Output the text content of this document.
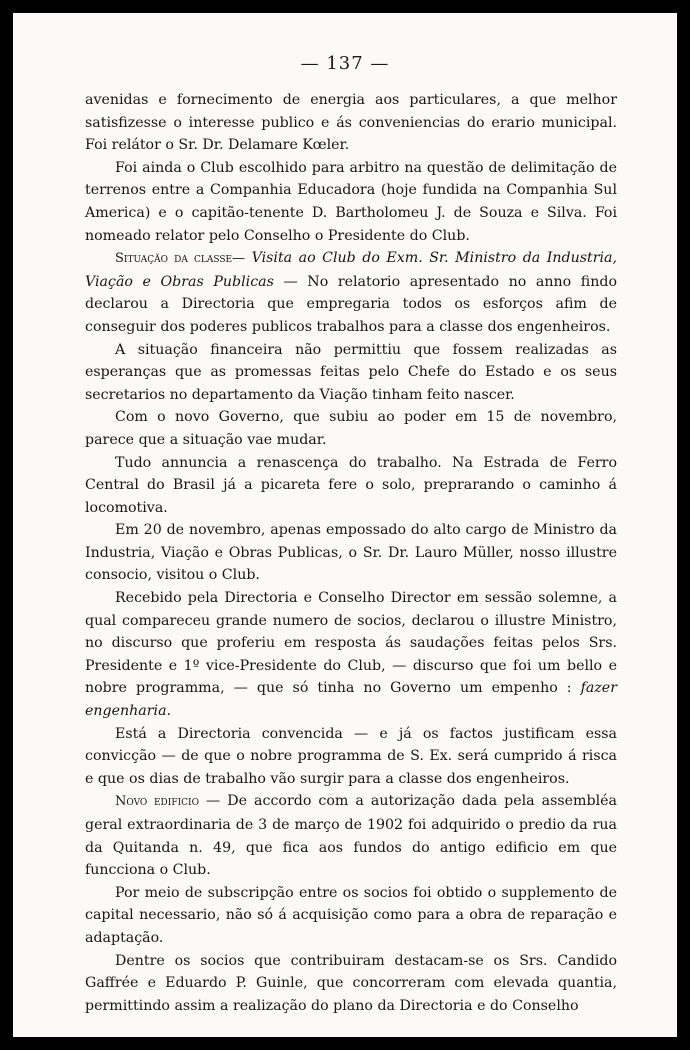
— 137 —

avenidas e fornecimento de energia aos particulares, a que melhor satisfizesse o interesse publico e ás conveniencias do erario municipal. Foi relátor o Sr. Dr. Delamare Kœler.

Foi ainda o Club escolhido para arbitro na questão de delimitação de terrenos entre a Companhia Educadora (hoje fundida na Companhia Sul America) e o capitão-tenente D. Bartholomeu J. de Souza e Silva. Foi nomeado relator pelo Conselho o Presidente do Club.

Situação da classe— Visita ao Club do Exm. Sr. Ministro da Industria, Viação e Obras Publicas — No relatorio apresentado no anno findo declarou a Directoria que empregaria todos os esforços afim de conseguir dos poderes publicos trabalhos para a classe dos engenheiros.

A situação financeira não permittiu que fossem realizadas as esperanças que as promessas feitas pelo Chefe do Estado e os seus secretarios no departamento da Viação tinham feito nascer.

Com o novo Governo, que subiu ao poder em 15 de novembro, parece que a situação vae mudar.

Tudo annuncia a renascença do trabalho. Na Estrada de Ferro Central do Brasil já a picareta fere o solo, preprarando o caminho á locomotiva.

Em 20 de novembro, apenas empossado do alto cargo de Ministro da Industria, Viação e Obras Publicas, o Sr. Dr. Lauro Müller, nosso illustre consocio, visitou o Club.

Recebido pela Directoria e Conselho Director em sessão solemne, a qual compareceu grande numero de socios, declarou o illustre Ministro, no discurso que proferiu em resposta ás saudações feitas pelos Srs. Presidente e 1º vice-Presidente do Club, — discurso que foi um bello e nobre programma, — que só tinha no Governo um empenho : fazer engenharia.

Está a Directoria convencida — e já os factos justificam essa convicção — de que o nobre programma de S. Ex. será cumprido á risca e que os dias de trabalho vão surgir para a classe dos engenheiros.

Novo edificio — De accordo com a autorização dada pela assembléa geral extraordinaria de 3 de março de 1902 foi adquirido o predio da rua da Quitanda n. 49, que fica aos fundos do antigo edificio em que funcciona o Club.

Por meio de subscripção entre os socios foi obtido o supplemento de capital necessario, não só á acquisição como para a obra de reparação e adaptação.

Dentre os socios que contribuiram destacam-se os Srs. Candido Gaffrée e Eduardo P. Guinle, que concorreram com elevada quantia, permittindo assim a realização do plano da Directoria e do Conselho
